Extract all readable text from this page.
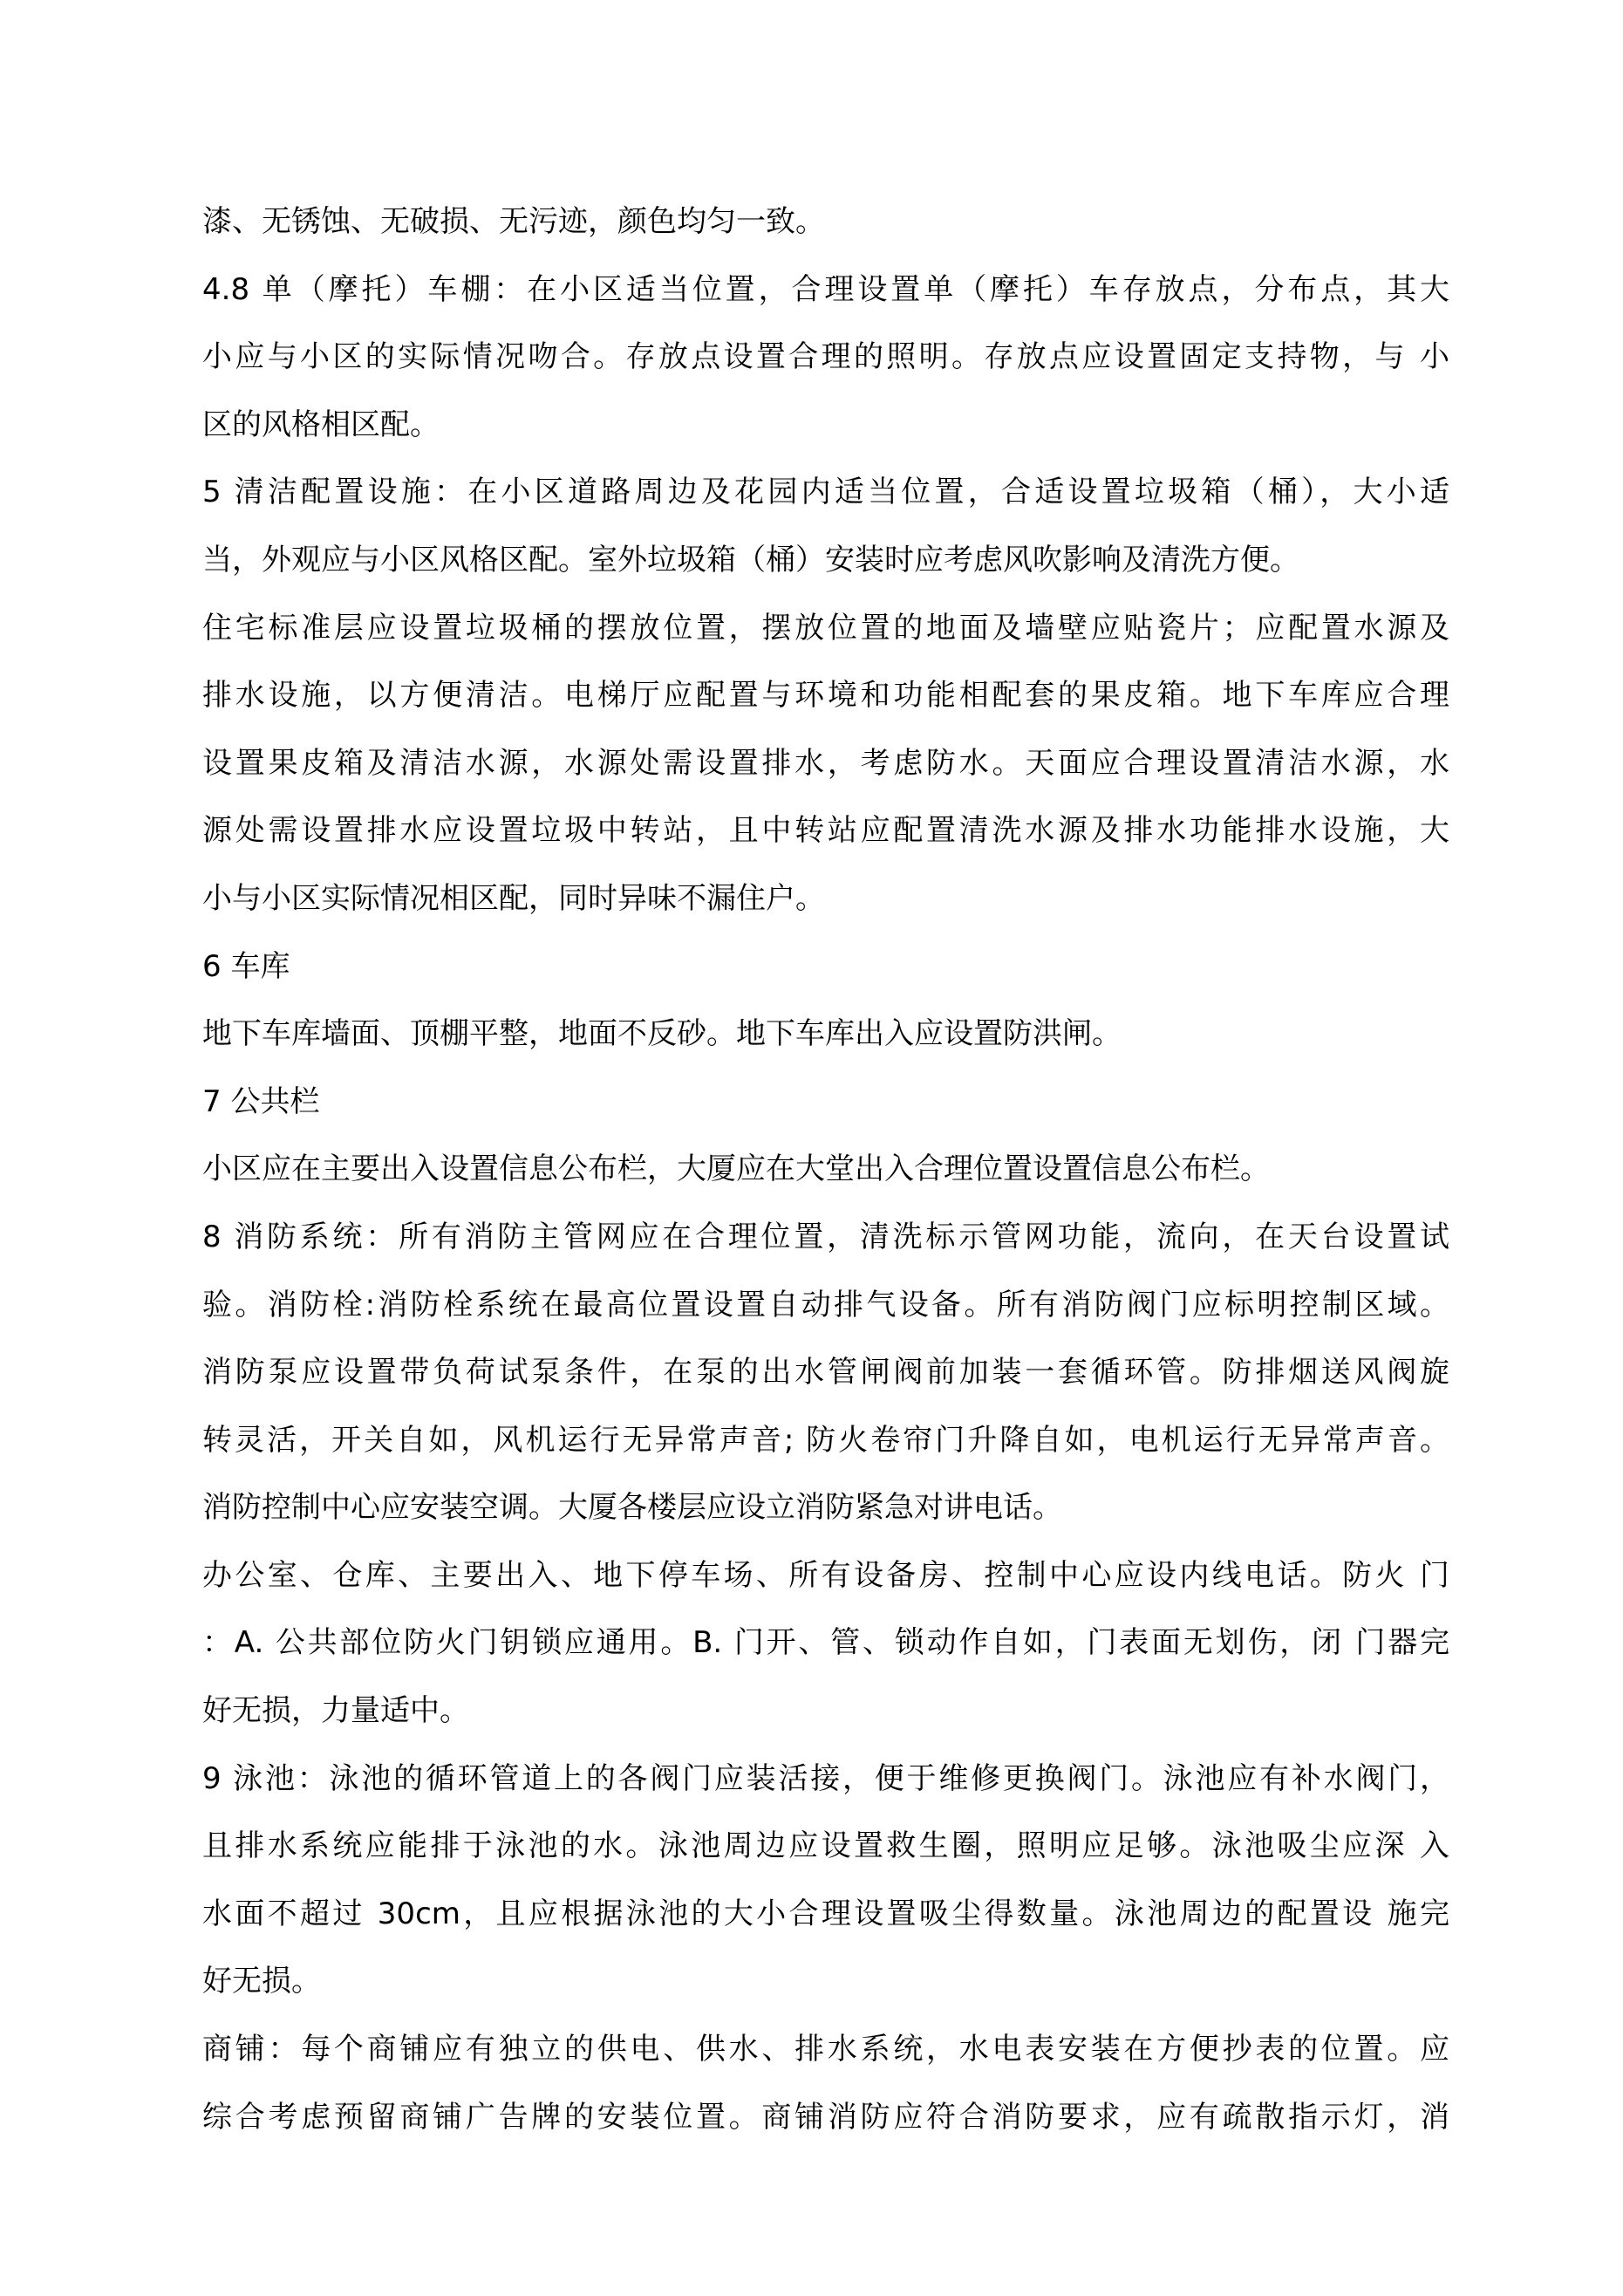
漆、无锈蚀、无破损、无污迹，颜色均匀一致。
4.8 单（摩托）车棚：在小区适当位置，合理设置单（摩托）车存放点，分布点，其大
小应与小区的实际情况吻合。存放点设置合理的照明。存放点应设置固定支持物，与 小
区的风格相区配。
5 清洁配置设施：在小区道路周边及花园内适当位置，合适设置垃圾箱（桶），大小适
当，外观应与小区风格区配。室外垃圾箱（桶）安装时应考虑风吹影响及清洗方便。
住宅标准层应设置垃圾桶的摆放位置，摆放位置的地面及墙壁应贴瓷片；应配置水源及
排水设施，以方便清洁。电梯厅应配置与环境和功能相配套的果皮箱。地下车库应合理
设置果皮箱及清洁水源，水源处需设置排水，考虑防水。天面应合理设置清洁水源，水
源处需设置排水应设置垃圾中转站，且中转站应配置清洗水源及排水功能排水设施，大
小与小区实际情况相区配，同时异味不漏住户。
6 车库
地下车库墙面、顶棚平整，地面不反砂。地下车库出入应设置防洪闸。
7 公共栏
小区应在主要出入设置信息公布栏，大厦应在大堂出入合理位置设置信息公布栏。
8 消防系统：所有消防主管网应在合理位置，清洗标示管网功能，流向，在天台设置试
验。消防栓:消防栓系统在最高位置设置自动排气设备。所有消防阀门应标明控制区域。
消防泵应设置带负荷试泵条件，在泵的出水管闸阀前加装一套循环管。防排烟送风阀旋
转灵活，开关自如，风机运行无异常声音; 防火卷帘门升降自如，电机运行无异常声音。
消防控制中心应安装空调。大厦各楼层应设立消防紧急对讲电话。
办公室、仓库、主要出入、地下停车场、所有设备房、控制中心应设内线电话。防火 门
：A. 公共部位防火门钥锁应通用。B. 门开、管、锁动作自如，门表面无划伤，闭 门器完
好无损，力量适中。
9 泳池：泳池的循环管道上的各阀门应装活接，便于维修更换阀门。泳池应有补水阀门，
且排水系统应能排于泳池的水。泳池周边应设置救生圈，照明应足够。泳池吸尘应深 入
水面不超过 30cm，且应根据泳池的大小合理设置吸尘得数量。泳池周边的配置设 施完
好无损。
商铺：每个商铺应有独立的供电、供水、排水系统，水电表安装在方便抄表的位置。应
综合考虑预留商铺广告牌的安装位置。商铺消防应符合消防要求，应有疏散指示灯，消
